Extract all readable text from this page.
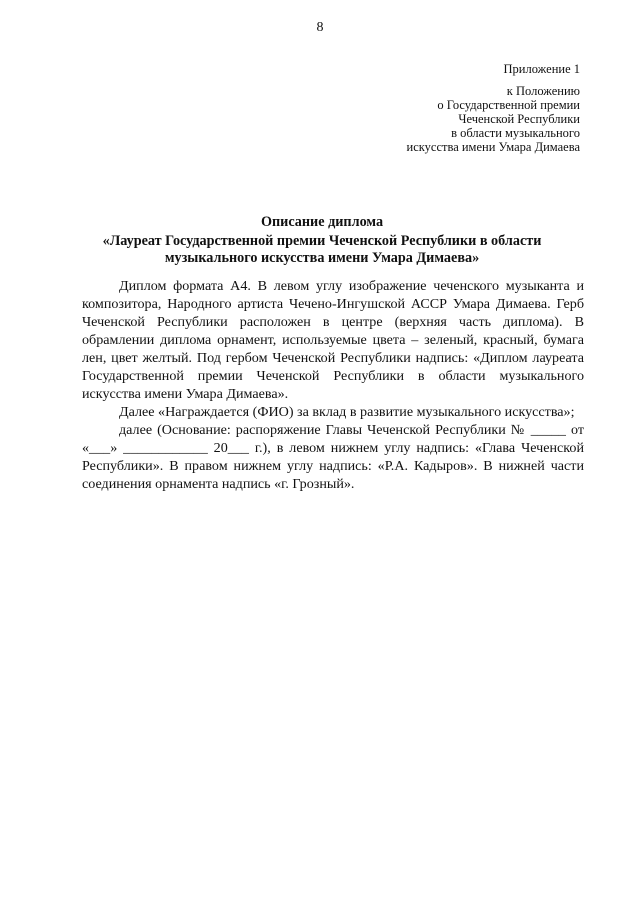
8
Приложение 1
к Положению
о Государственной премии
Чеченской Республики
в области музыкального
искусства имени Умара Димаева
Описание диплома
«Лауреат Государственной премии Чеченской Республики в области музыкального искусства имени Умара Димаева»

Диплом формата А4. В левом углу изображение чеченского музыканта и композитора, Народного артиста Чечено-Ингушской АССР Умара Димаева. Герб Чеченской Республики расположен в центре (верхняя часть диплома). В обрамлении диплома орнамент, используемые цвета – зеленый, красный, бумага лен, цвет желтый. Под гербом Чеченской Республики надпись: «Диплом лауреата Государственной премии Чеченской Республики в области музыкального искусства имени Умара Димаева».

Далее «Награждается (ФИО) за вклад в развитие музыкального искусства»;

далее (Основание: распоряжение Главы Чеченской Республики № _____ от «___» ____________ 20___ г.), в левом нижнем углу надпись: «Глава Чеченской Республики». В правом нижнем углу надпись: «Р.А. Кадыров». В нижней части соединения орнамента надпись «г. Грозный».
